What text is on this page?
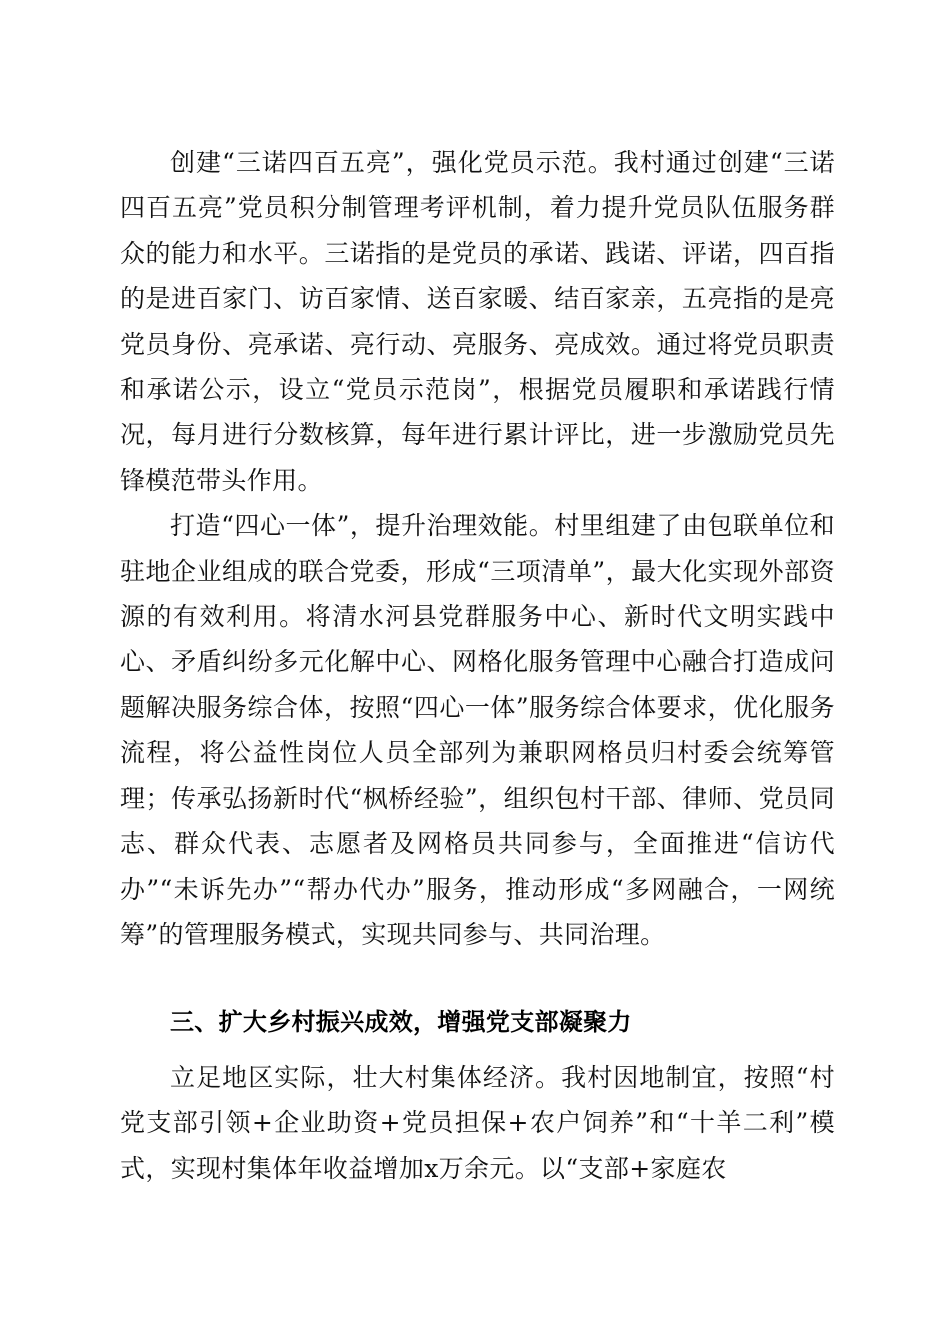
创建“三诺四百五亮”，强化党员示范。我村通过创建“三诺四百五亮”党员积分制管理考评机制，着力提升党员队伍服务群众的能力和水平。三诺指的是党员的承诺、践诺、评诺，四百指的是进百家门、访百家情、送百家暖、结百家亲，五亮指的是亮党员身份、亮承诺、亮行动、亮服务、亮成效。通过将党员职责和承诺公示，设立“党员示范岗”，根据党员履职和承诺践行情况，每月进行分数核算，每年进行累计评比，进一步激励党员先锋模范带头作用。

打造“四心一体”，提升治理效能。村里组建了由包联单位和驻地企业组成的联合党委，形成“三项清单”，最大化实现外部资源的有效利用。将清水河县党群服务中心、新时代文明实践中心、矛盾纠纷多元化解中心、网格化服务管理中心融合打造成问题解决服务综合体，按照“四心一体”服务综合体要求，优化服务流程，将公益性岗位人员全部列为兼职网格员归村委会统筹管理；传承弘扬新时代“枫桥经验”，组织包村干部、律师、党员同志、群众代表、志愿者及网格员共同参与，全面推进“信访代办”“未诉先办”“帮办代办”服务，推动形成“多网融合，一网统筹”的管理服务模式，实现共同参与、共同治理。

三、扩大乡村振兴成效，增强党支部凝聚力

立足地区实际，壮大村集体经济。我村因地制宜，按照“村党支部引领+企业助资+党员担保+农户饲养”和“十羊二利”模式，实现村集体年收益增加x万余元。以“支部+家庭农
